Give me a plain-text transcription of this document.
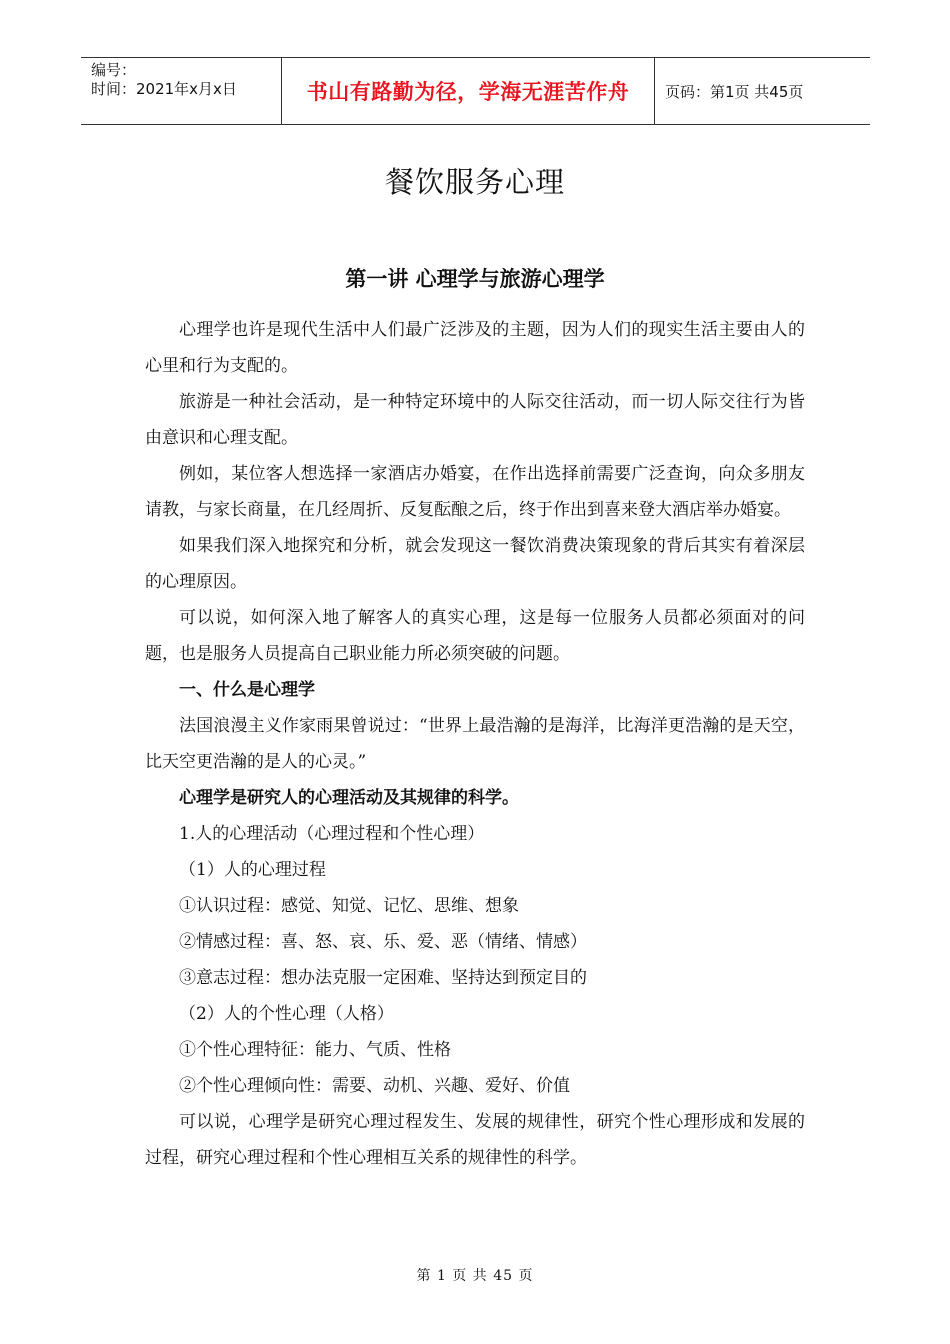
编号：
时间：2021年x月x日	书山有路勤为径，学海无涯苦作舟 页码：第1页 共45页
餐饮服务心理
第一讲 心理学与旅游心理学

心理学也许是现代生活中人们最广泛涉及的主题，因为人们的现实生活主要由人的心里和行为支配的。

旅游是一种社会活动，是一种特定环境中的人际交往活动，而一切人际交往行为皆由意识和心理支配。

例如，某位客人想选择一家酒店办婚宴，在作出选择前需要广泛查询，向众多朋友请教，与家长商量，在几经周折、反复酝酿之后，终于作出到喜来登大酒店举办婚宴。

如果我们深入地探究和分析，就会发现这一餐饮消费决策现象的背后其实有着深层的心理原因。

可以说，如何深入地了解客人的真实心理，这是每一位服务人员都必须面对的问题，也是服务人员提高自己职业能力所必须突破的问题。

一、什么是心理学

法国浪漫主义作家雨果曾说过：“世界上最浩瀚的是海洋，比海洋更浩瀚的是天空，比天空更浩瀚的是人的心灵。”

心理学是研究人的心理活动及其规律的科学。

1.人的心理活动（心理过程和个性心理）

（1）人的心理过程

①认识过程：感觉、知觉、记忆、思维、想象

②情感过程：喜、怒、哀、乐、爱、恶（情绪、情感）

③意志过程：想办法克服一定困难、坚持达到预定目的

（2）人的个性心理（人格）

①个性心理特征：能力、气质、性格

②个性心理倾向性：需要、动机、兴趣、爱好、价值

可以说，心理学是研究心理过程发生、发展的规律性，研究个性心理形成和发展的过程，研究心理过程和个性心理相互关系的规律性的科学。

第 1 页 共 45 页
